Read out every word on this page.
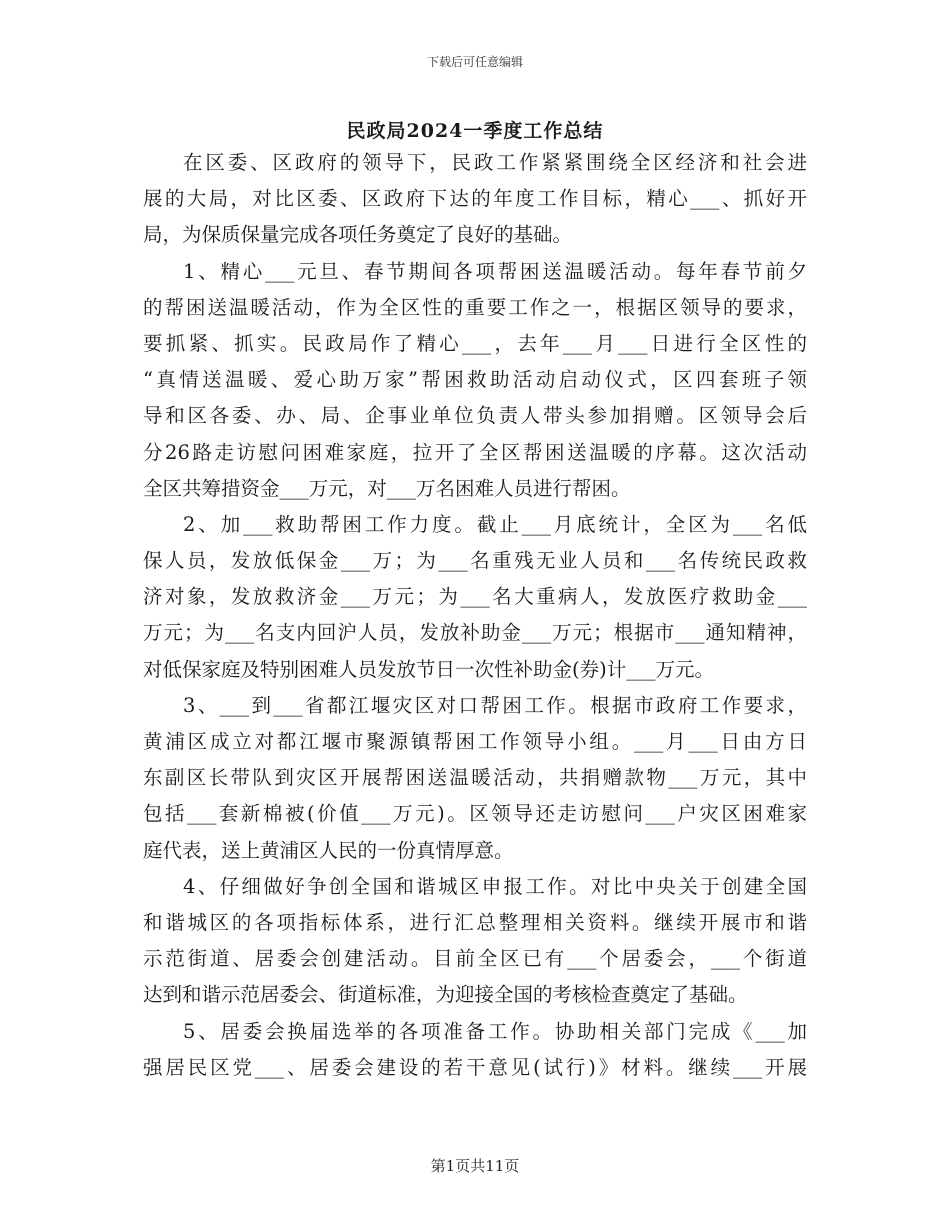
下载后可任意编辑
民政局2024一季度工作总结
在区委、区政府的领导下，民政工作紧紧围绕全区经济和社会进
展的大局，对比区委、区政府下达的年度工作目标，精心___、抓好开
局，为保质保量完成各项任务奠定了良好的基础。
1、精心___元旦、春节期间各项帮困送温暖活动。每年春节前夕
的帮困送温暖活动，作为全区性的重要工作之一，根据区领导的要求，
要抓紧、抓实。民政局作了精心___，去年___月___日进行全区性的
“真情送温暖、爱心助万家”帮困救助活动启动仪式，区四套班子领
导和区各委、办、局、企事业单位负责人带头参加捐赠。区领导会后
分26路走访慰问困难家庭，拉开了全区帮困送温暖的序幕。这次活动
全区共筹措资金___万元，对___万名困难人员进行帮困。
2、加___救助帮困工作力度。截止___月底统计，全区为___名低
保人员，发放低保金___万；为___名重残无业人员和___名传统民政救
济对象，发放救济金___万元；为___名大重病人，发放医疗救助金___
万元；为___名支内回沪人员，发放补助金___万元；根据市___通知精神，
对低保家庭及特别困难人员发放节日一次性补助金(券)计___万元。
3、___到___省都江堰灾区对口帮困工作。根据市政府工作要求，
黄浦区成立对都江堰市聚源镇帮困工作领导小组。___月___日由方日
东副区长带队到灾区开展帮困送温暖活动，共捐赠款物___万元，其中
包括___套新棉被(价值___万元)。区领导还走访慰问___户灾区困难家
庭代表，送上黄浦区人民的一份真情厚意。
4、仔细做好争创全国和谐城区申报工作。对比中央关于创建全国
和谐城区的各项指标体系，进行汇总整理相关资料。继续开展市和谐
示范街道、居委会创建活动。目前全区已有___个居委会，___个街道
达到和谐示范居委会、街道标准，为迎接全国的考核检查奠定了基础。
5、居委会换届选举的各项准备工作。协助相关部门完成《___加
强居民区党___、居委会建设的若干意见(试行)》材料。继续___开展
第1页共11页
